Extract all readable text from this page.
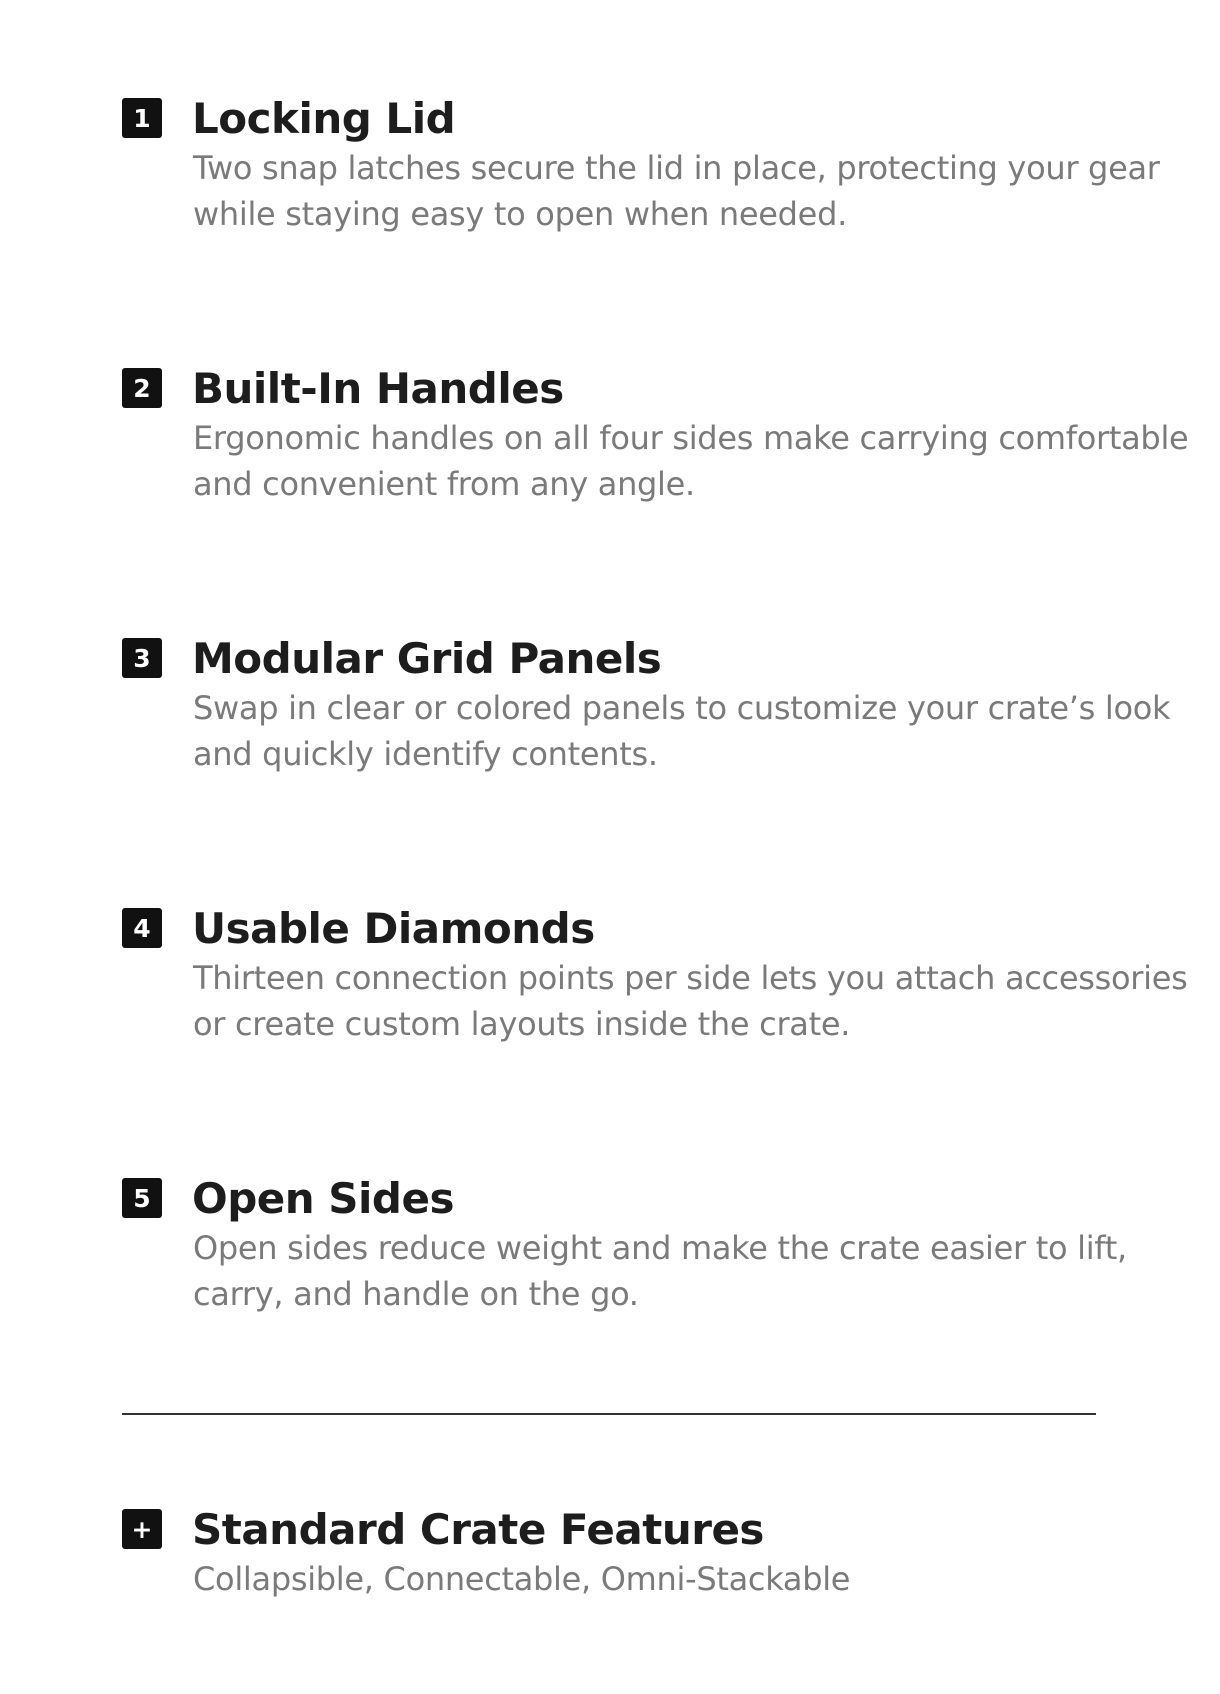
1 Locking Lid
Two snap latches secure the lid in place, protecting your gear while staying easy to open when needed.
2 Built-In Handles
Ergonomic handles on all four sides make carrying comfortable and convenient from any angle.
3 Modular Grid Panels
Swap in clear or colored panels to customize your crate’s look and quickly identify contents.
4 Usable Diamonds
Thirteen connection points per side lets you attach accessories or create custom layouts inside the crate.
5 Open Sides
Open sides reduce weight and make the crate easier to lift, carry, and handle on the go.
+ Standard Crate Features
Collapsible, Connectable, Omni-Stackable
